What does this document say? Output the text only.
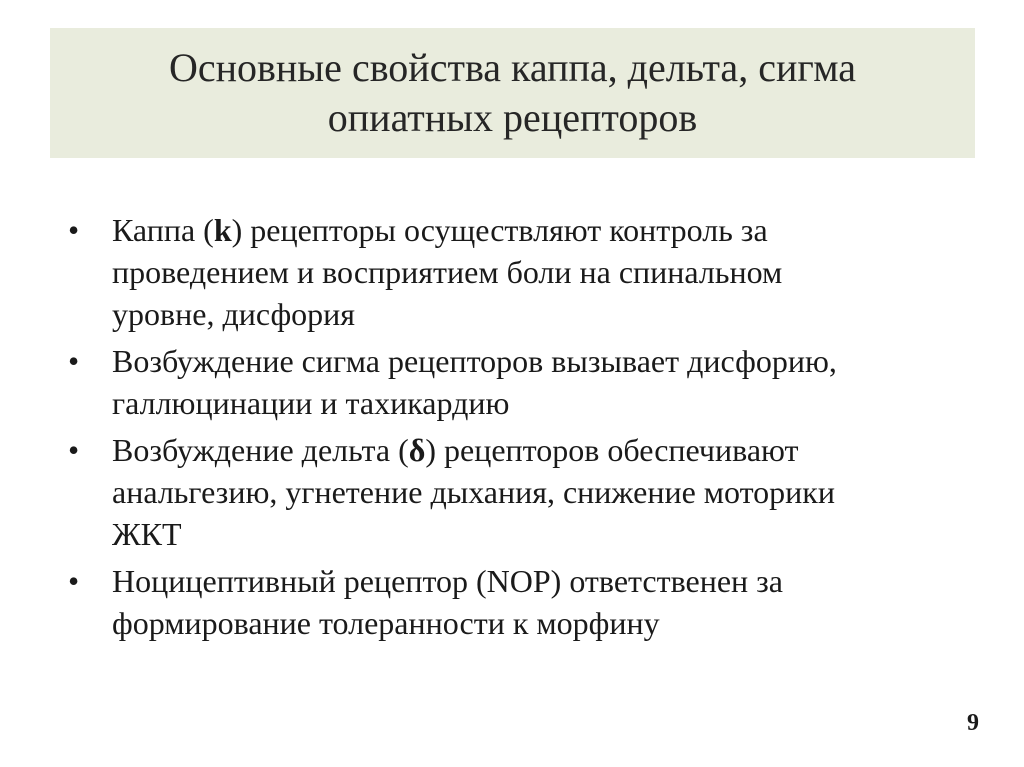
Основные свойства каппа, дельта, сигма
опиатных рецепторов
•	Каппа (k) рецепторы осуществляют контроль за
проведением и восприятием боли на спинальном
уровне, дисфория
•	Возбуждение сигма рецепторов вызывает дисфорию,
галлюцинации и тахикардию
•	Возбуждение дельта (δ) рецепторов обеспечивают
анальгезию, угнетение дыхания, снижение моторики
ЖКТ
•	Ноцицептивный рецептор (NOP) ответственен за
формирование толеранности к морфину
9
